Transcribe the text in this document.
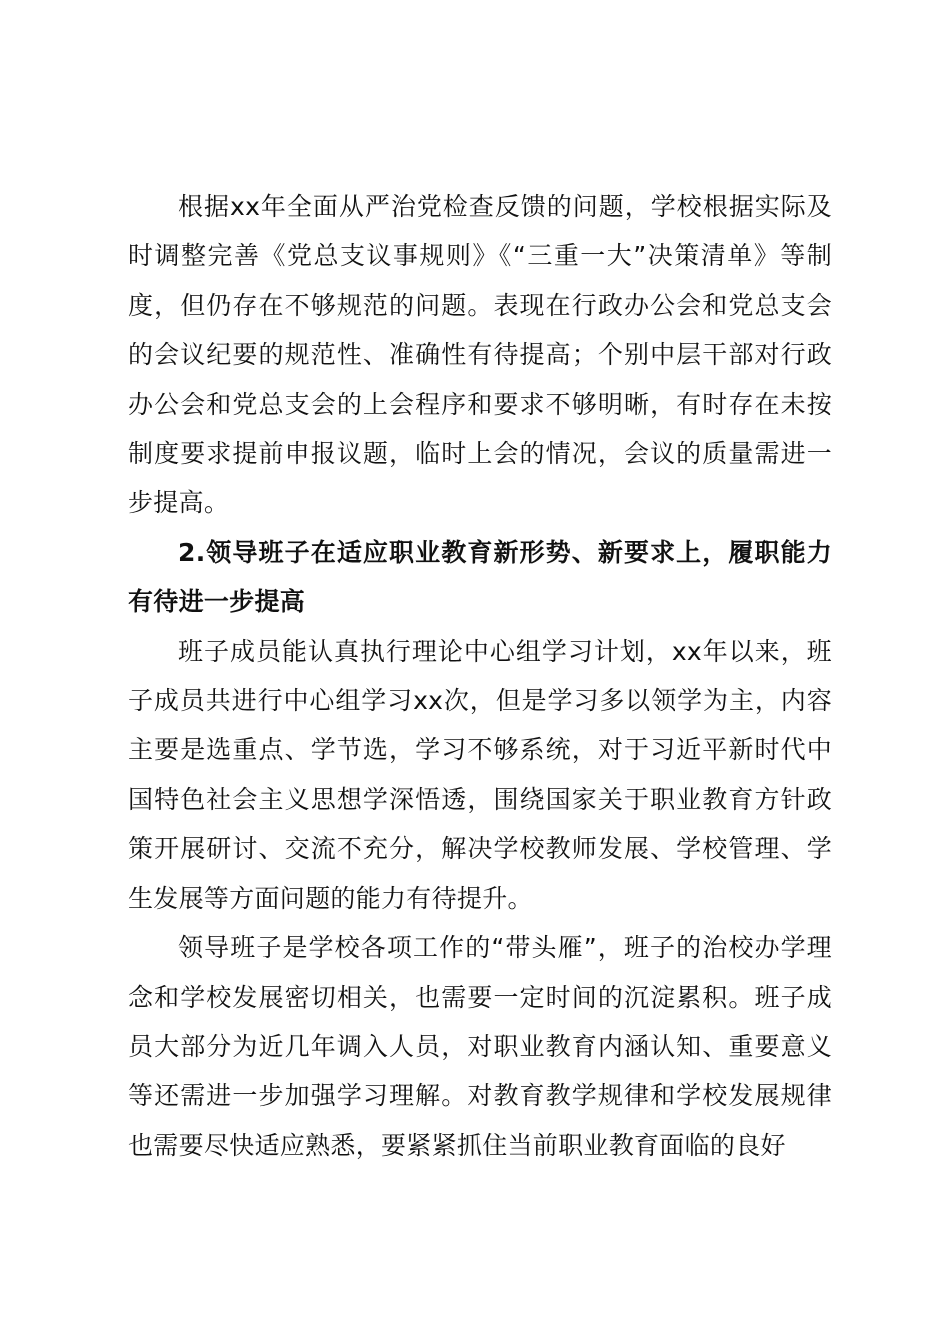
根据xx年全面从严治党检查反馈的问题，学校根据实际及时调整完善《党总支议事规则》《“三重一大”决策清单》等制度，但仍存在不够规范的问题。表现在行政办公会和党总支会的会议纪要的规范性、准确性有待提高；个别中层干部对行政办公会和党总支会的上会程序和要求不够明晰，有时存在未按制度要求提前申报议题，临时上会的情况，会议的质量需进一步提高。

2.领导班子在适应职业教育新形势、新要求上，履职能力有待进一步提高

班子成员能认真执行理论中心组学习计划，xx年以来，班子成员共进行中心组学习xx次，但是学习多以领学为主，内容主要是选重点、学节选，学习不够系统，对于习近平新时代中国特色社会主义思想学深悟透，围绕国家关于职业教育方针政策开展研讨、交流不充分，解决学校教师发展、学校管理、学生发展等方面问题的能力有待提升。

领导班子是学校各项工作的“带头雁”，班子的治校办学理念和学校发展密切相关，也需要一定时间的沉淀累积。班子成员大部分为近几年调入人员，对职业教育内涵认知、重要意义等还需进一步加强学习理解。对教育教学规律和学校发展规律也需要尽快适应熟悉，要紧紧抓住当前职业教育面临的良好
